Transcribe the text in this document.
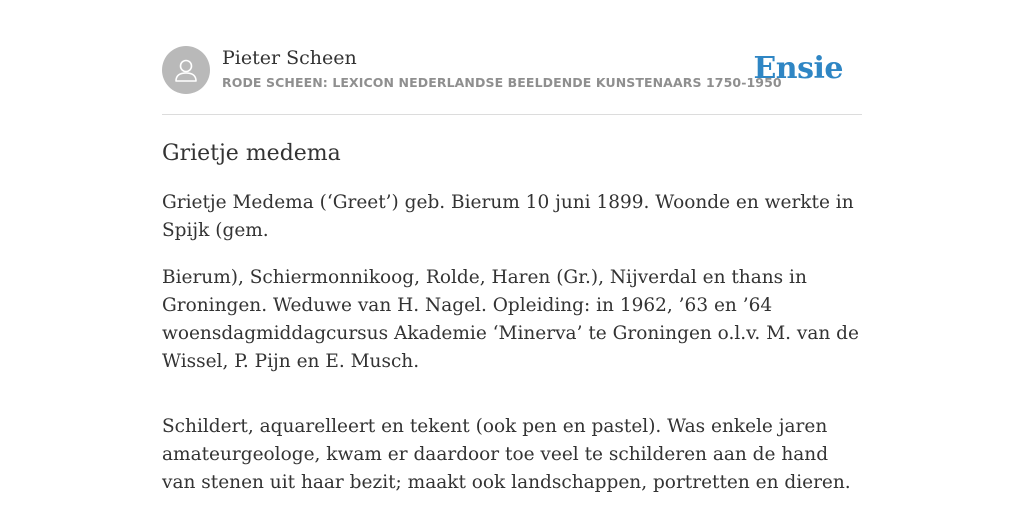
Pieter Scheen
RODE SCHEEN: LEXICON NEDERLANDSE BEELDENDE KUNSTENAARS 1750-1950
Ensie
Grietje medema

Grietje Medema (‘Greet’) geb. Bierum 10 juni 1899. Woonde en werkte in Spijk (gem.

Bierum), Schiermonnikoog, Rolde, Haren (Gr.), Nijverdal en thans in Groningen. Weduwe van H. Nagel. Opleiding: in 1962, ’63 en ’64 woensdagmiddagcursus Akademie ‘Minerva’ te Groningen o.l.v. M. van de Wissel, P. Pijn en E. Musch.

Schildert, aquarelleert en tekent (ook pen en pastel). Was enkele jaren amateurgeologe, kwam er daardoor toe veel te schilderen aan de hand van stenen uit haar bezit; maakt ook landschappen, portretten en dieren.
